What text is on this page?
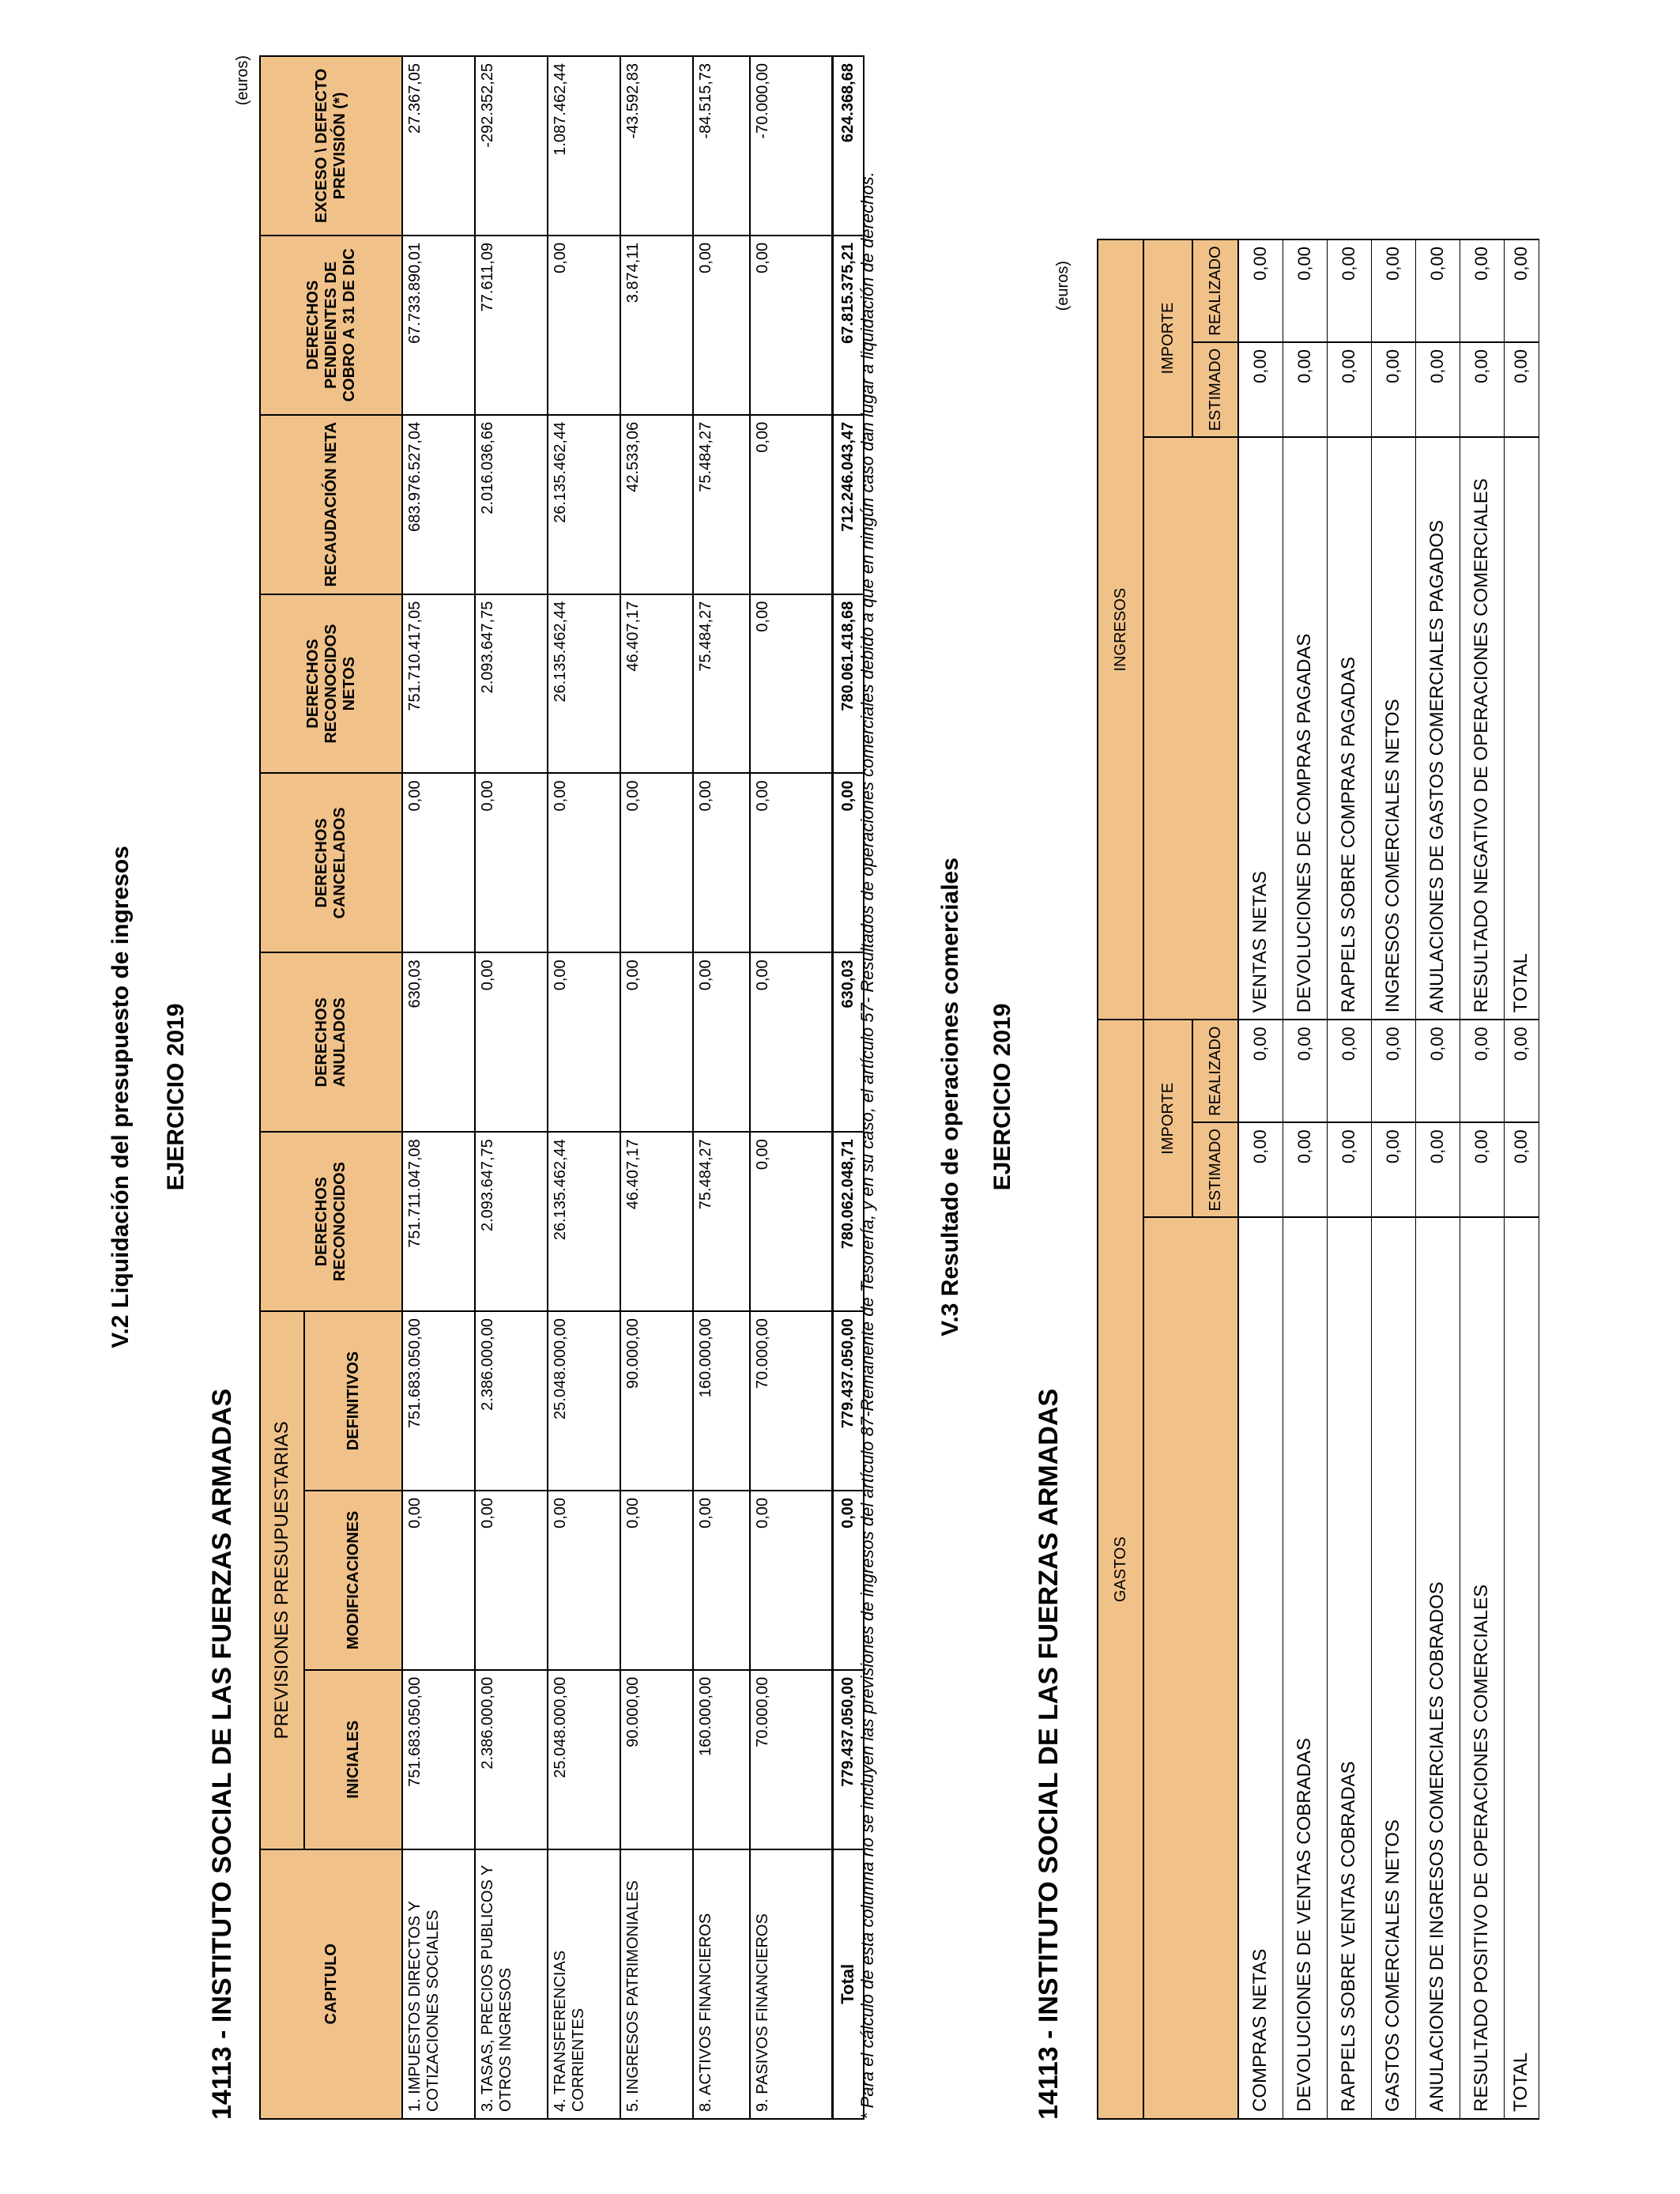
V.2 Liquidación del presupuesto de ingresos EJERCICIO 2019
14113 - INSTITUTO SOCIAL DE LAS FUERZAS ARMADAS
(euros)
CAPITULO	PREVISIONES PRESUPUESTARIAS			DERECHOS RECONOCIDOS	DERECHOS ANULADOS	DERECHOS CANCELADOS	DERECHOS RECONOCIDOS NETOS	RECAUDACIÓN NETA	DERECHOS PENDIENTES DE COBRO A 31 DE DIC	EXCESO \ DEFECTO PREVISIÓN (*)
	INICIALES	MODIFICACIONES	DEFINITIVOS							
1. IMPUESTOS DIRECTOS Y COTIZACIONES SOCIALES	751.683.050,00	0,00	751.683.050,00	751.711.047,08	630,03	0,00	751.710.417,05	683.976.527,04	67.733.890,01	27.367,05
3. TASAS, PRECIOS PUBLICOS Y OTROS INGRESOS	2.386.000,00	0,00	2.386.000,00	2.093.647,75	0,00	0,00	2.093.647,75	2.016.036,66	77.611,09	-292.352,25
4. TRANSFERENCIAS CORRIENTES	25.048.000,00	0,00	25.048.000,00	26.135.462,44	0,00	0,00	26.135.462,44	26.135.462,44	0,00	1.087.462,44
5. INGRESOS PATRIMONIALES	90.000,00	0,00	90.000,00	46.407,17	0,00	0,00	46.407,17	42.533,06	3.874,11	-43.592,83
8. ACTIVOS FINANCIEROS	160.000,00	0,00	160.000,00	75.484,27	0,00	0,00	75.484,27	75.484,27	0,00	-84.515,73
9. PASIVOS FINANCIEROS	70.000,00	0,00	70.000,00	0,00	0,00	0,00	0,00	0,00	0,00	-70.000,00
Total	779.437.050,00	0,00	779.437.050,00	780.062.048,71	630,03	0,00	780.061.418,68	712.246.043,47	67.815.375,21	624.368,68
* Para el cálculo de esta columna no se incluyen las previsiones de ingresos del artículo 87-Remanente de Tesorería, y en su caso, el artículo 57- Resultados de operaciones comerciales debido a que en ningún caso dan lugar a liquidación de derechos.	V.3 Resultado de operaciones comerciales EJERCICIO 2019
14113 - INSTITUTO SOCIAL DE LAS FUERZAS ARMADAS
(euros)
GASTOS			INGRESOS		
	IMPORTE			IMPORTE	
	ESTIMADO	REALIZADO		ESTIMADO	REALIZADO
COMPRAS NETAS	0,00	0,00	VENTAS NETAS	0,00	0,00
DEVOLUCIONES DE VENTAS COBRADAS	0,00	0,00	DEVOLUCIONES DE COMPRAS PAGADAS	0,00	0,00
RAPPELS SOBRE VENTAS COBRADAS	0,00	0,00	RAPPELS SOBRE COMPRAS PAGADAS	0,00	0,00
GASTOS COMERCIALES NETOS	0,00	0,00	INGRESOS COMERCIALES NETOS	0,00	0,00
ANULACIONES DE INGRESOS COMERCIALES COBRADOS	0,00	0,00	ANULACIONES DE GASTOS COMERCIALES PAGADOS	0,00	0,00
RESULTADO POSITIVO DE OPERACIONES COMERCIALES	0,00	0,00	RESULTADO NEGATIVO DE OPERACIONES COMERCIALES	0,00	0,00
TOTAL	0,00	0,00	TOTAL	0,00	0,00
